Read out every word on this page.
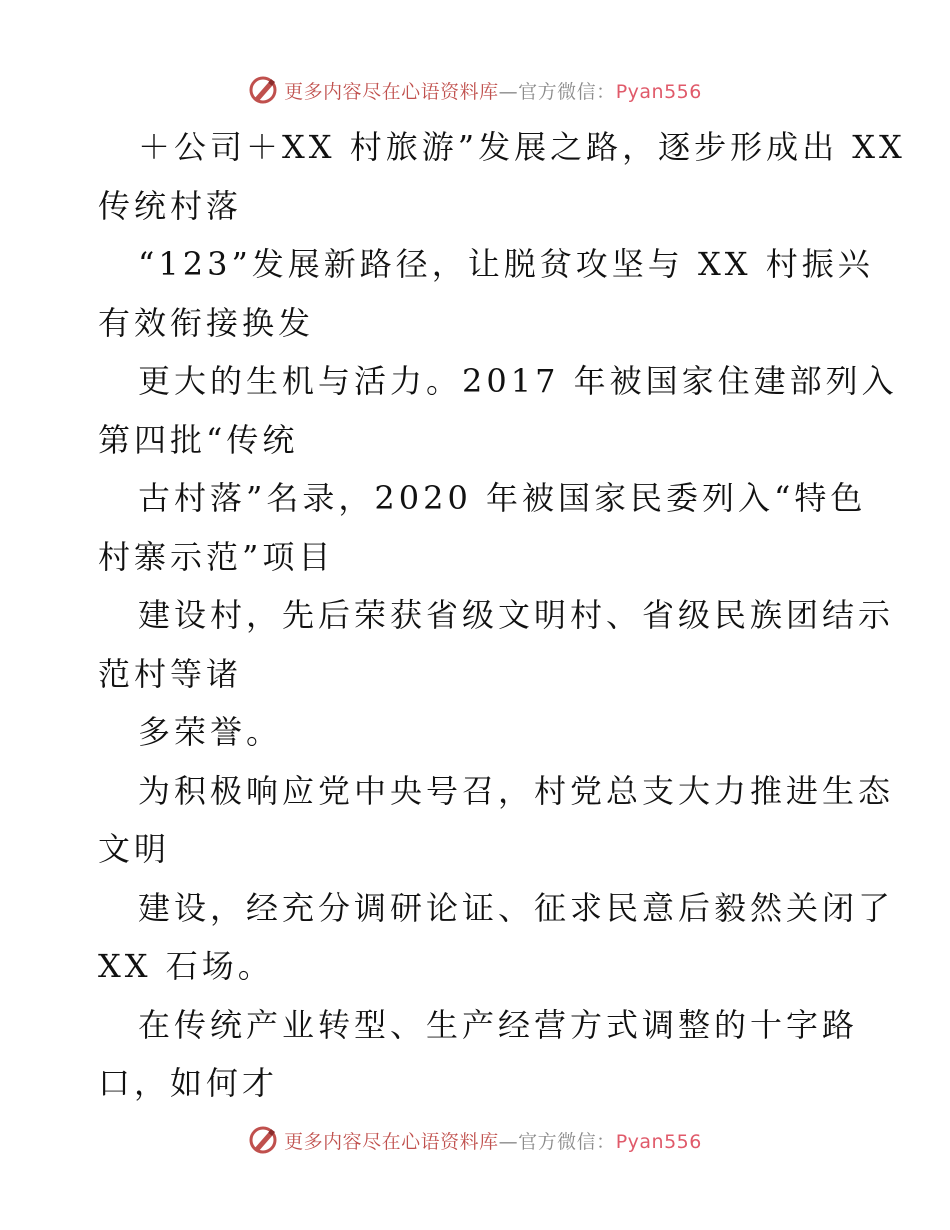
更多内容尽在心语资料库—官方微信：Pyan556
＋公司＋XX 村旅游”发展之路，逐步形成出 XX
传统村落
“123”发展新路径，让脱贫攻坚与 XX 村振兴
有效衔接换发
更大的生机与活力。2017 年被国家住建部列入
第四批“传统
古村落”名录，2020 年被国家民委列入“特色
村寨示范”项目
建设村，先后荣获省级文明村、省级民族团结示
范村等诸
多荣誉。
为积极响应党中央号召，村党总支大力推进生态
文明
建设，经充分调研论证、征求民意后毅然关闭了
XX 石场。
在传统产业转型、生产经营方式调整的十字路
口，如何才
更多内容尽在心语资料库—官方微信：Pyan556
